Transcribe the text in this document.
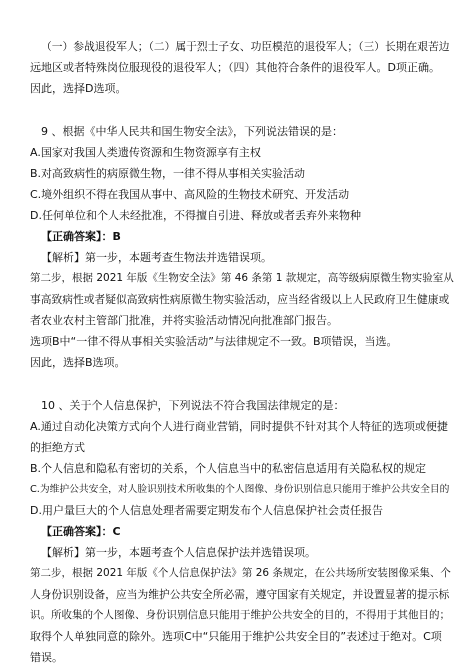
（一）参战退役军人；（二）属于烈士子女、功臣模范的退役军人；（三）长期在艰苦边

远地区或者特殊岗位服现役的退役军人；（四）其他符合条件的退役军人。D项正确。

因此，选择D选项。

9 、根据《中华人民共和国生物安全法》，下列说法错误的是：

A.国家对我国人类遗传资源和生物资源享有主权

B.对高致病性的病原微生物，一律不得从事相关实验活动

C.境外组织不得在我国从事中、高风险的生物技术研究、开发活动

D.任何单位和个人未经批准，不得擅自引进、释放或者丢弃外来物种

【正确答案】：B

【解析】第一步，本题考查生物法并选错误项。

第二步，根据 2021 年版《生物安全法》第 46 条第 1 款规定，高等级病原微生物实验室从

事高致病性或者疑似高致病性病原微生物实验活动，应当经省级以上人民政府卫生健康或

者农业农村主管部门批准，并将实验活动情况向批准部门报告。

选项B中“一律不得从事相关实验活动”与法律规定不一致。B项错误，当选。

因此，选择B选项。

10 、关于个人信息保护，下列说法不符合我国法律规定的是：

A.通过自动化决策方式向个人进行商业营销，同时提供不针对其个人特征的选项或便捷

的拒绝方式

B.个人信息和隐私有密切的关系，个人信息当中的私密信息适用有关隐私权的规定

C.为维护公共安全，对人脸识别技术所收集的个人图像、身份识别信息只能用于维护公共安全目的

D.用户量巨大的个人信息处理者需要定期发布个人信息保护社会责任报告

【正确答案】：C

【解析】第一步，本题考查个人信息保护法并选错误项。

第二步，根据 2021 年版《个人信息保护法》第 26 条规定，在公共场所安装图像采集、个

人身份识别设备，应当为维护公共安全所必需，遵守国家有关规定，并设置显著的提示标

识。所收集的个人图像、身份识别信息只能用于维护公共安全的目的，不得用于其他目的；

取得个人单独同意的除外。选项C中“只能用于维护公共安全目的”表述过于绝对。C项

错误。
